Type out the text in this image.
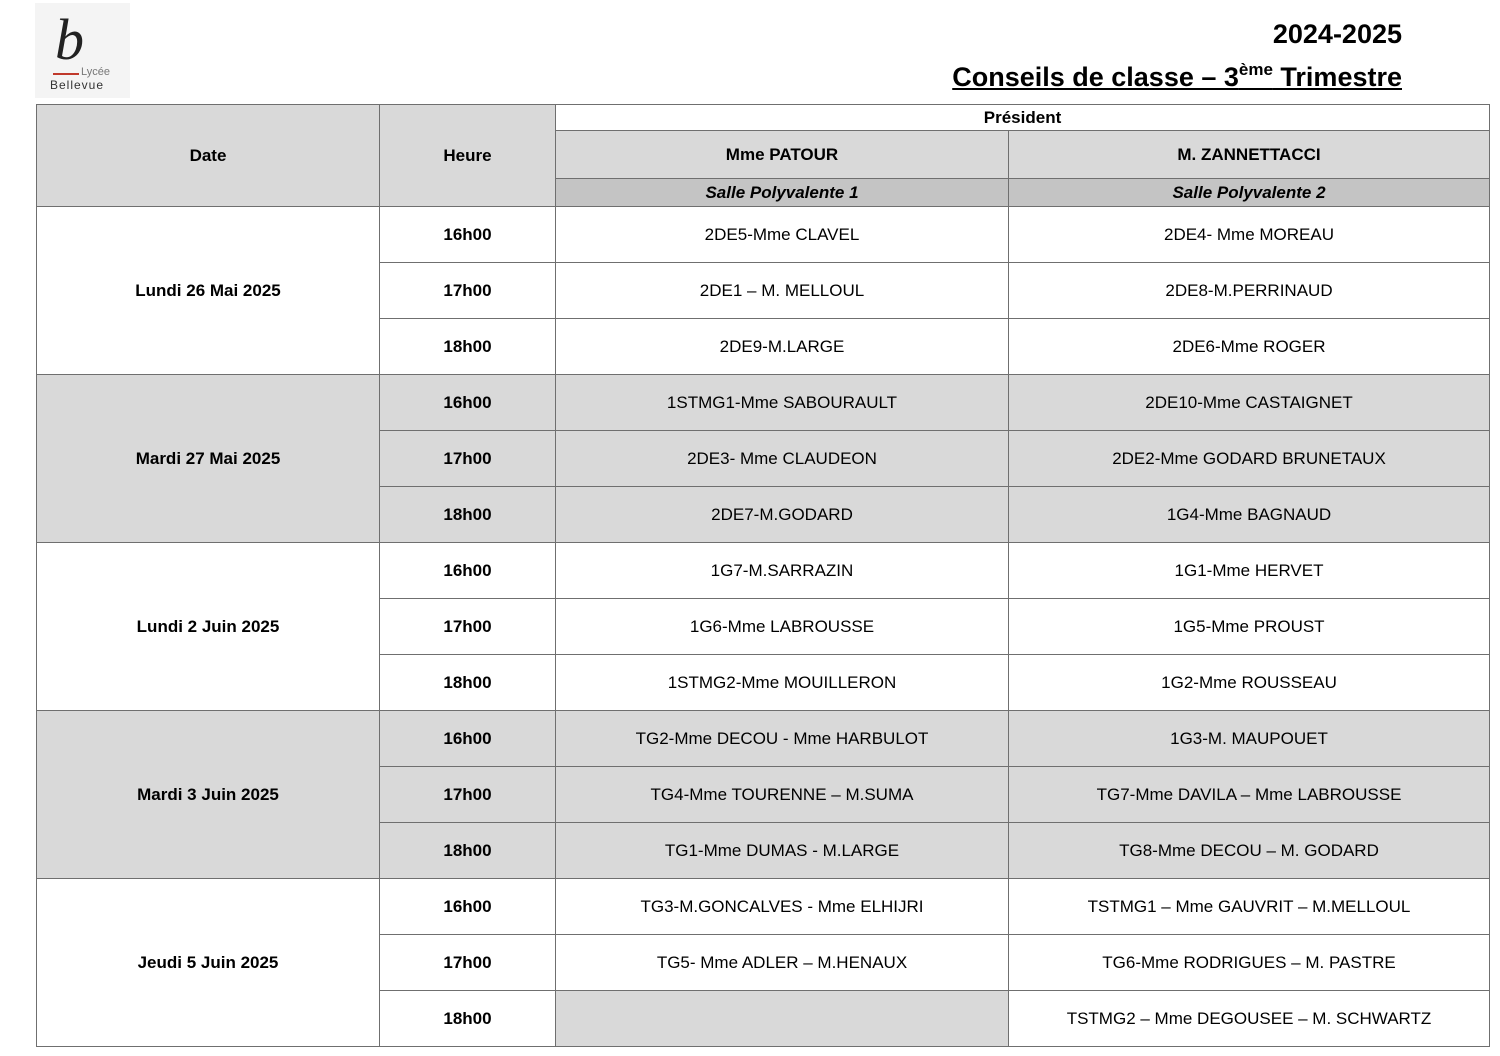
b
Lycée
Bellevue
2024-2025
Conseils de classe – 3ème Trimestre
Date	Heure	Président	
		Mme PATOUR	M. ZANNETTACCI
		Salle Polyvalente 1	Salle Polyvalente 2
Lundi 26 Mai 2025	16h00	2DE5-Mme CLAVEL	2DE4- Mme MOREAU
	17h00	2DE1 – M. MELLOUL	2DE8-M.PERRINAUD
	18h00	2DE9-M.LARGE	2DE6-Mme ROGER
Mardi 27 Mai 2025	16h00	1STMG1-Mme SABOURAULT	2DE10-Mme CASTAIGNET
	17h00	2DE3- Mme CLAUDEON	2DE2-Mme GODARD BRUNETAUX
	18h00	2DE7-M.GODARD	1G4-Mme BAGNAUD
Lundi 2 Juin 2025	16h00	1G7-M.SARRAZIN	1G1-Mme HERVET
	17h00	1G6-Mme LABROUSSE	1G5-Mme PROUST
	18h00	1STMG2-Mme MOUILLERON	1G2-Mme ROUSSEAU
Mardi 3 Juin 2025	16h00	TG2-Mme DECOU - Mme HARBULOT	1G3-M. MAUPOUET
	17h00	TG4-Mme TOURENNE – M.SUMA	TG7-Mme DAVILA – Mme LABROUSSE
	18h00	TG1-Mme DUMAS - M.LARGE	TG8-Mme DECOU – M. GODARD
Jeudi 5 Juin 2025	16h00	TG3-M.GONCALVES - Mme ELHIJRI	TSTMG1 – Mme GAUVRIT – M.MELLOUL
	17h00	TG5- Mme ADLER – M.HENAUX	TG6-Mme RODRIGUES – M. PASTRE
	18h00		TSTMG2 – Mme DEGOUSEE – M. SCHWARTZ
